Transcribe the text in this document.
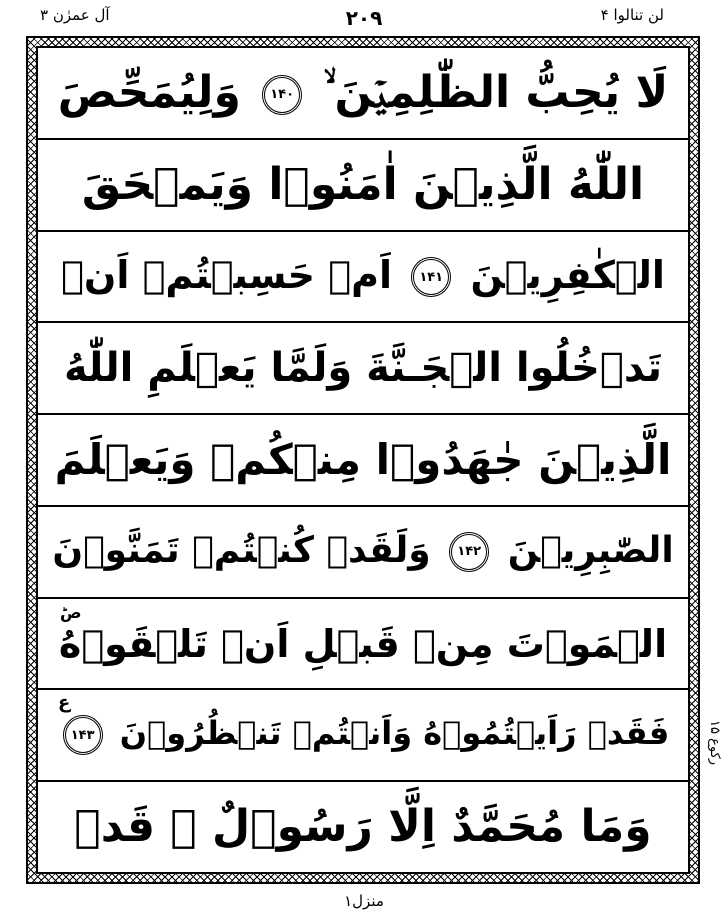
آل عمرٰن ۳	۲۰۹	لن تنالوا ۴
لَا يُحِبُّ الظّٰلِمِيۡنَ ۙ ۱۴۰ وَلِيُمَحِّصَ
اللّٰهُ الَّذِيۡنَ اٰمَنُوۡا وَيَمۡحَقَ
الۡكٰفِرِيۡنَ ۱۴۱ اَمۡ حَسِبۡتُمۡ اَنۡ
تَدۡخُلُوا الۡجَـنَّةَ وَلَمَّا يَعۡلَمِ اللّٰهُ
الَّذِيۡنَ جٰهَدُوۡا مِنۡكُمۡ وَيَعۡلَمَ
الصّٰبِرِيۡنَ ۱۴۲ وَلَقَدۡ كُنۡتُمۡ تَمَنَّوۡنَ
صؕ
الۡمَوۡتَ مِنۡ قَبۡلِ اَنۡ تَلۡقَوۡهُ
ع
فَقَدۡ رَاَيۡتُمُوۡهُ وَاَنۡتُمۡ تَنۡظُرُوۡنَ ۱۴۳
وَمَا مُحَمَّدٌ اِلَّا رَسُوۡلٌ ۚ قَدۡ
رکوع ۱۵
منزل۱
